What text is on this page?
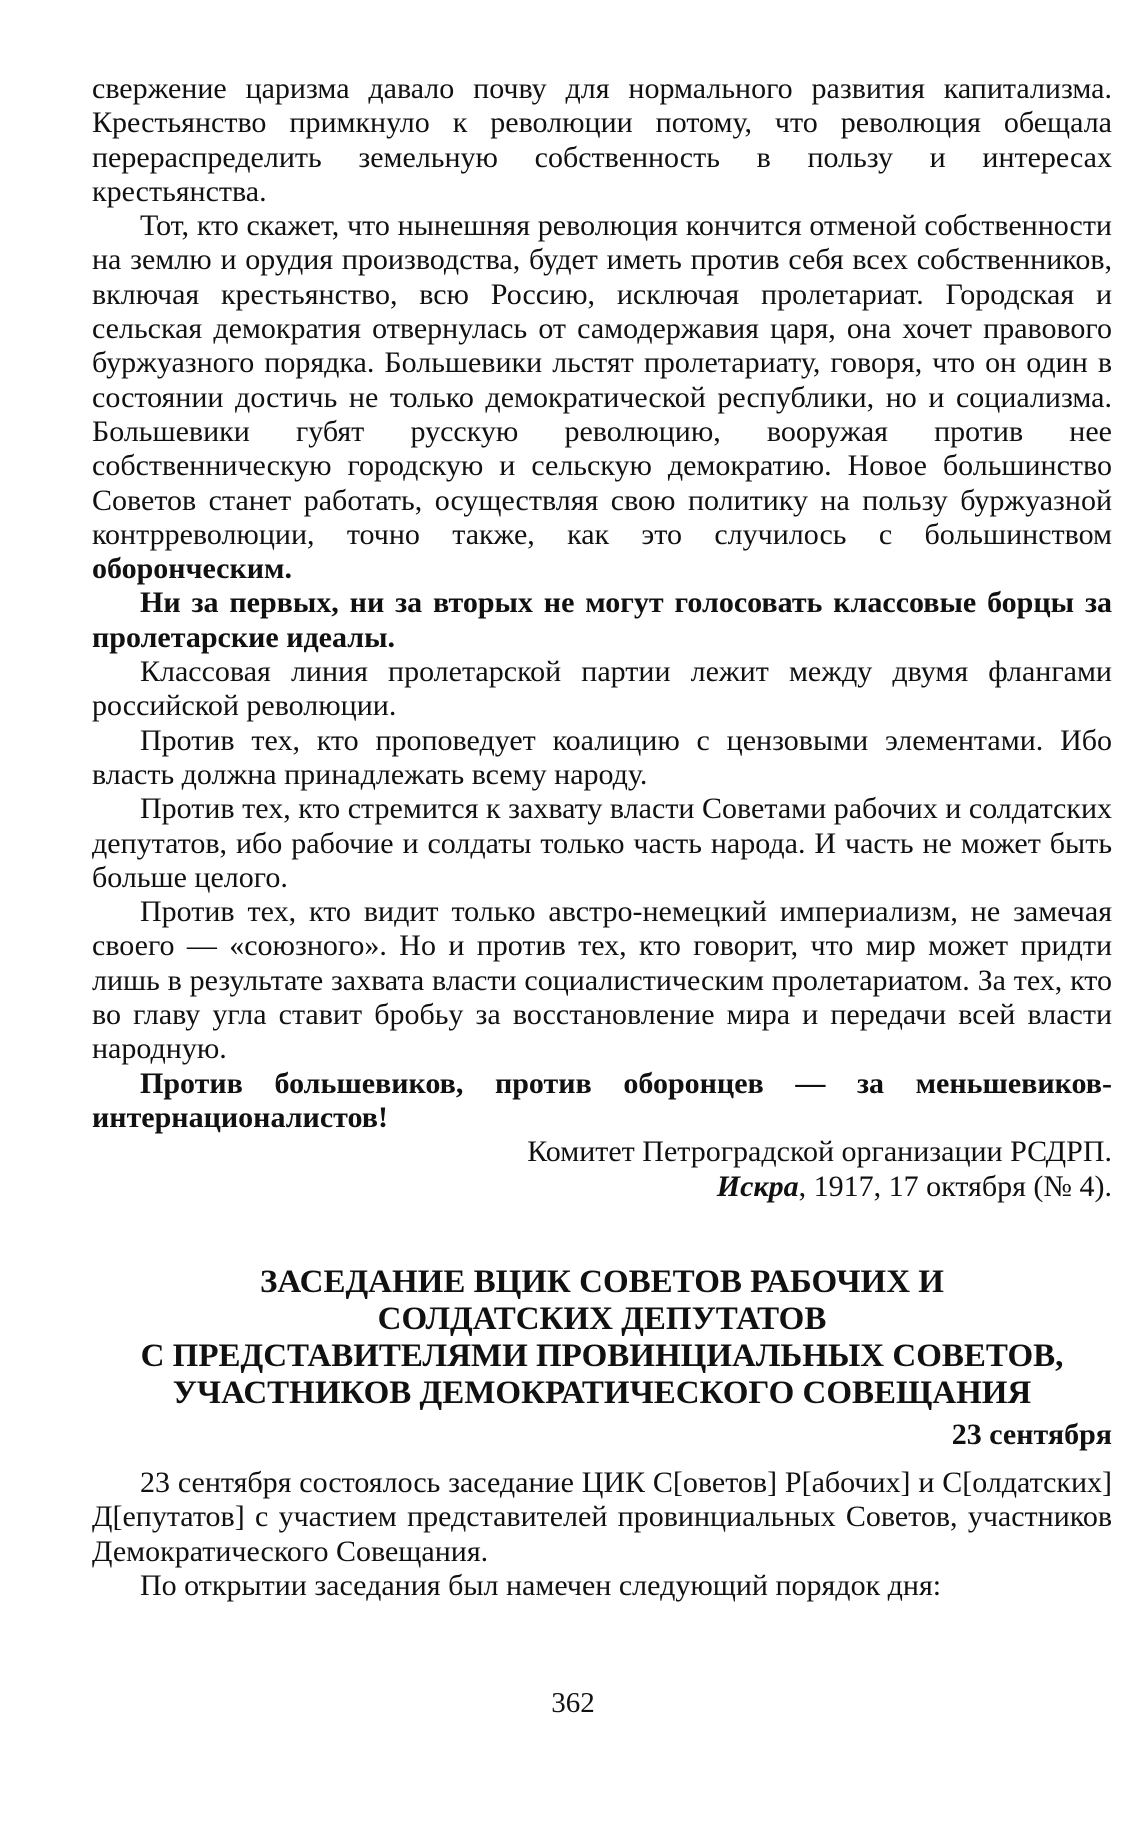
свержение царизма давало почву для нормального развития капитализма. Крестьянство примкнуло к революции потому, что революция обещала перераспределить земельную собственность в пользу и интересах крестьянства.

Тот, кто скажет, что нынешняя революция кончится отменой собственности на землю и орудия производства, будет иметь против себя всех собственников, включая крестьянство, всю Россию, исключая пролетариат. Городская и сельская демократия отвернулась от самодержавия царя, она хочет правового буржуазного порядка. Большевики льстят пролетариату, говоря, что он один в состоянии достичь не только демократической республики, но и социализма. Большевики губят русскую революцию, вооружая против нее собственническую городскую и сельскую демократию. Новое большинство Советов станет работать, осуществляя свою политику на пользу буржуазной контрреволюции, точно также, как это случилось с большинством оборонческим.

Ни за первых, ни за вторых не могут голосовать классовые борцы за пролетарские идеалы.

Классовая линия пролетарской партии лежит между двумя флангами российской революции.

Против тех, кто проповедует коалицию с цензовыми элементами. Ибо власть должна принадлежать всему народу.

Против тех, кто стремится к захвату власти Советами рабочих и солдатских депутатов, ибо рабочие и солдаты только часть народа. И часть не может быть больше целого.

Против тех, кто видит только австро-немецкий империализм, не замечая своего — «союзного». Но и против тех, кто говорит, что мир может придти лишь в результате захвата власти социалистическим пролетариатом. За тех, кто во главу угла ставит бробьу за восстановление мира и передачи всей власти народную.

Против большевиков, против оборонцев — за меньшевиков-интернационалистов!

Комитет Петроградской организации РСДРП.

Искра, 1917, 17 октября (№ 4).

ЗАСЕДАНИЕ ВЦИК СОВЕТОВ РАБОЧИХ И
СОЛДАТСКИХ ДЕПУТАТОВ
С ПРЕДСТАВИТЕЛЯМИ ПРОВИНЦИАЛЬНЫХ СОВЕТОВ,
УЧАСТНИКОВ ДЕМОКРАТИЧЕСКОГО СОВЕЩАНИЯ

23 сентября

23 сентября состоялось заседание ЦИК С[оветов] Р[абочих] и С[олдатских] Д[епутатов] с участием представителей провинциальных Советов, участников Демократического Совещания.

По открытии заседания был намечен следующий порядок дня:

362
